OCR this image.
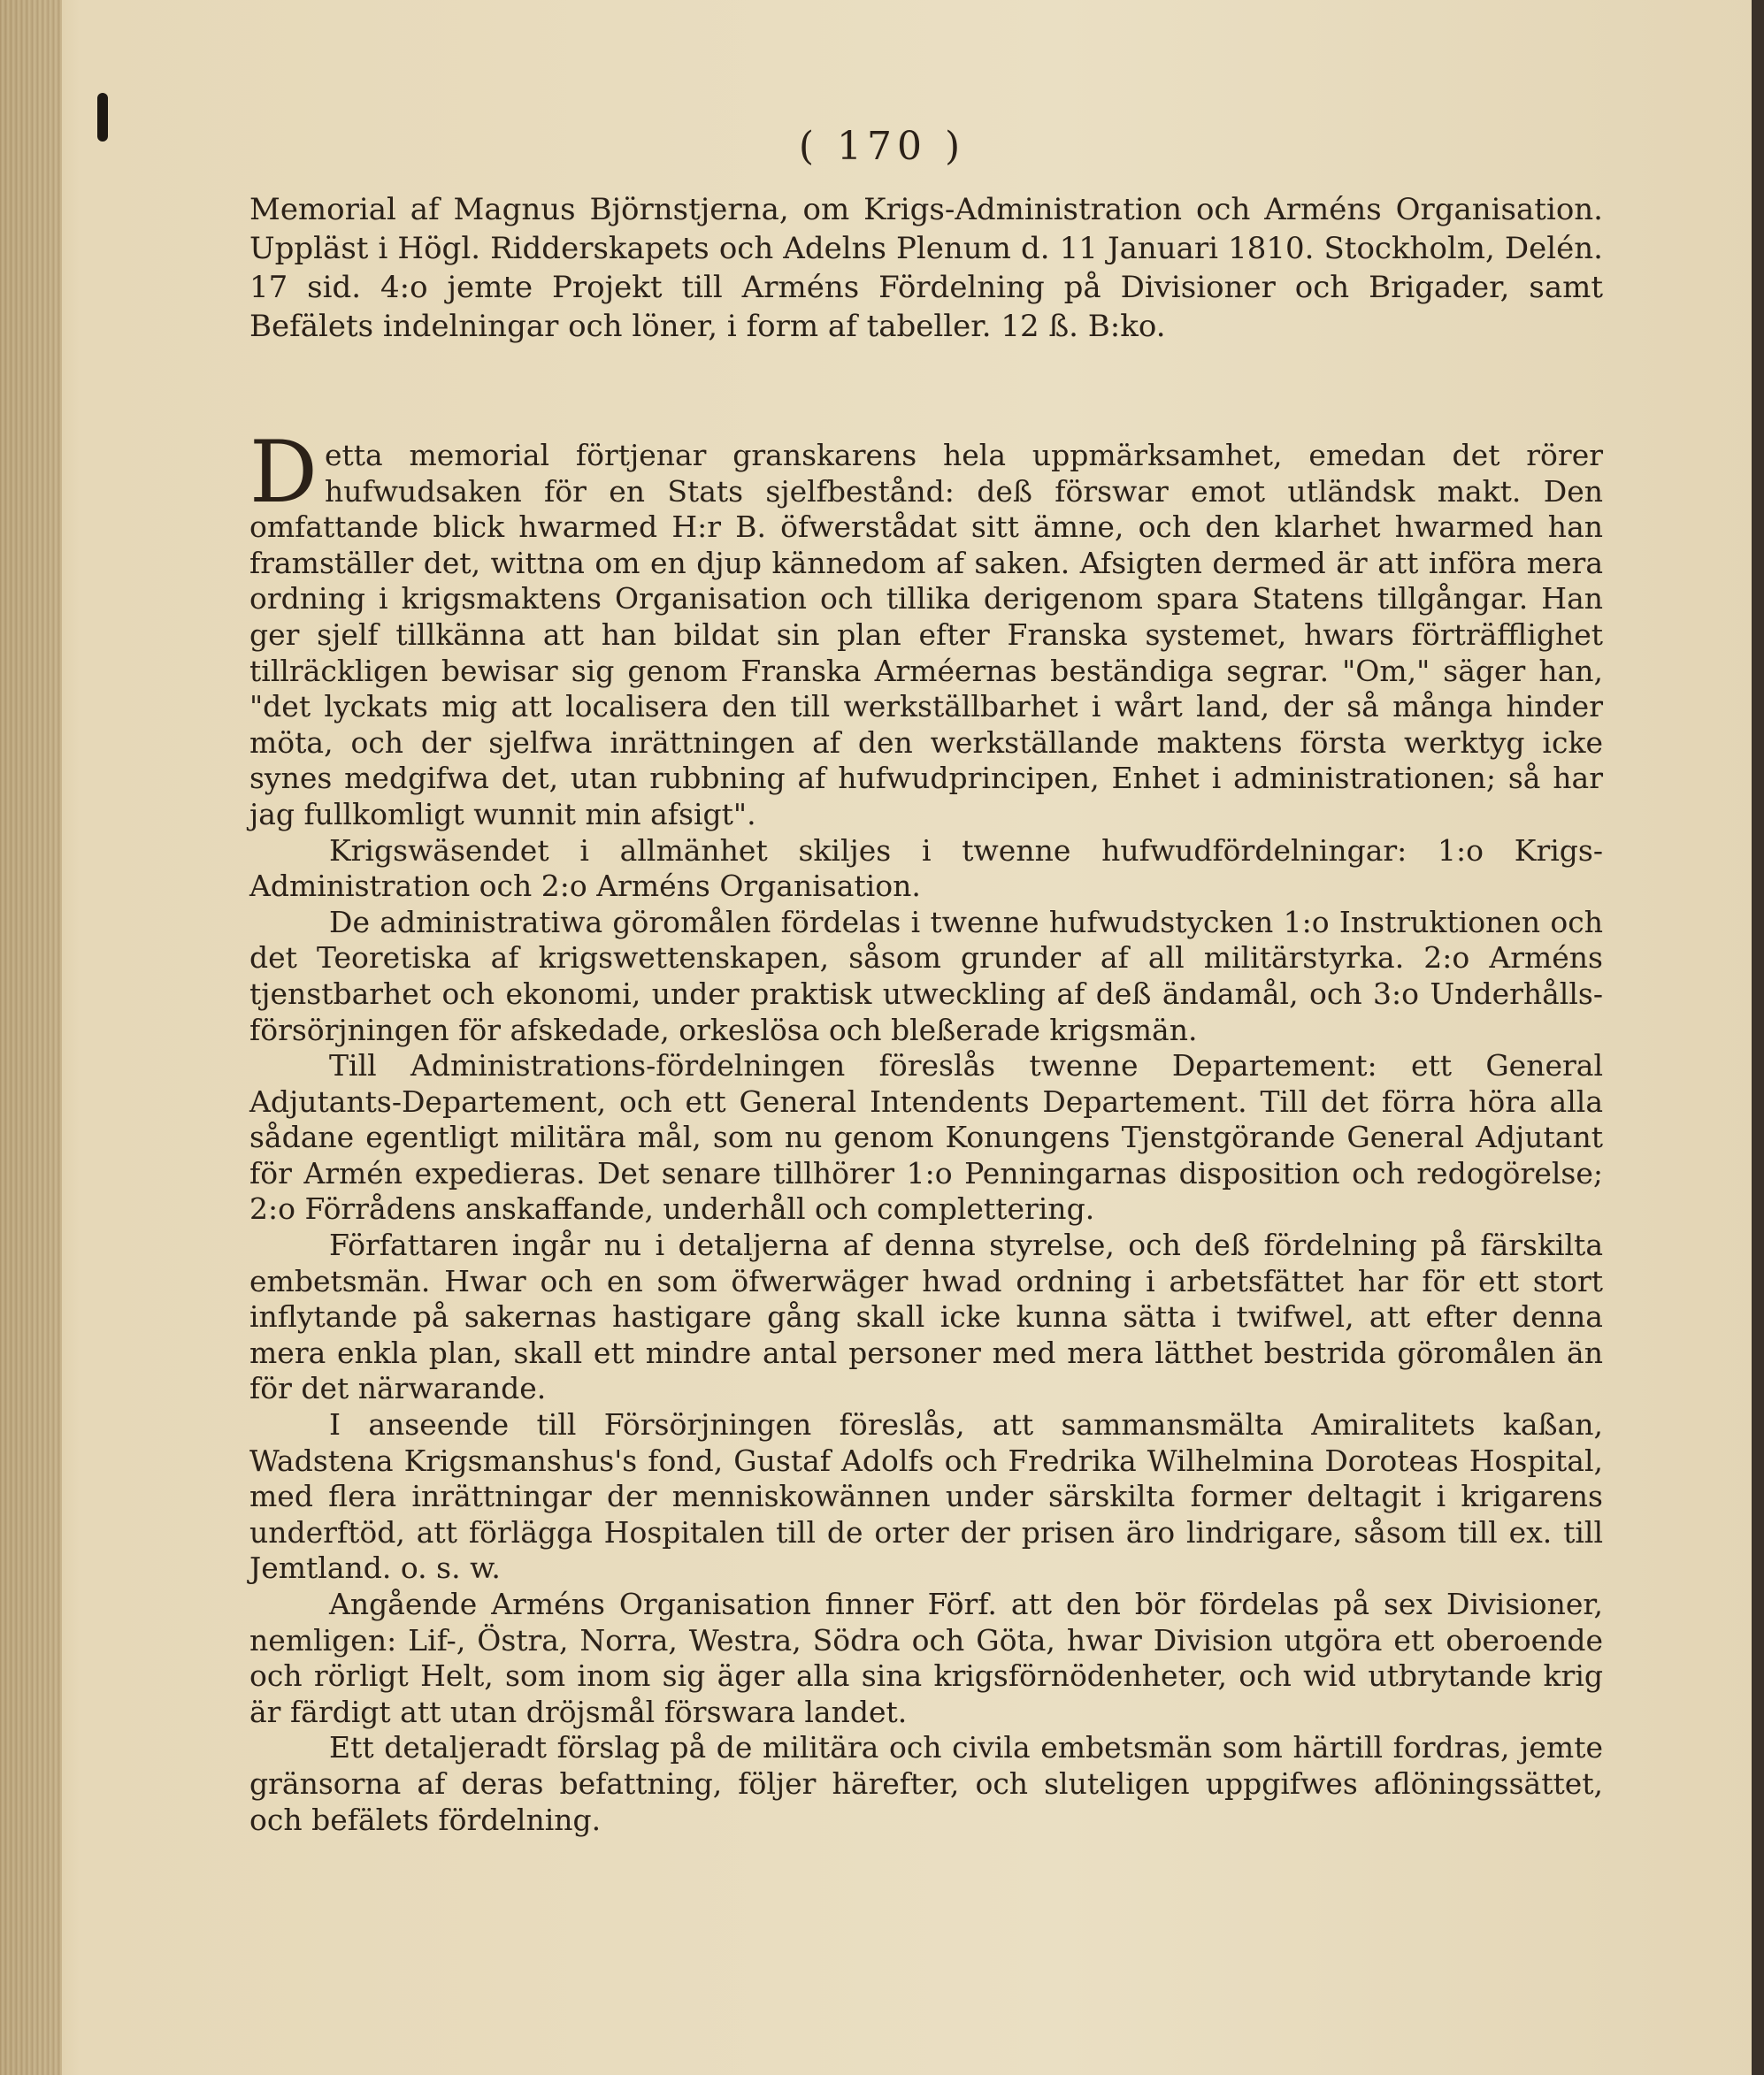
( 170 )
Memorial af Magnus Björnstjerna, om Krigs-Administration och Arméns Organisation. Uppläst i Högl. Ridderskapets och Adelns Plenum d. 11 Januari 1810. Stockholm, Delén. 17 sid. 4:o jemte Projekt till Arméns Fördelning på Divisioner och Brigader, samt Befälets indelningar och löner, i form af tabeller. 12 ß. B:ko.

Detta memorial förtjenar granskarens hela uppmärksamhet, emedan det rörer hufwudsaken för en Stats sjelfbestånd: deß förswar emot utländsk makt. Den omfattande blick hwarmed H:r B. öfwerstådat sitt ämne, och den klarhet hwarmed han framställer det, wittna om en djup kännedom af saken. Afsigten dermed är att införa mera ordning i krigsmaktens Organisation och tillika derigenom spara Statens tillgångar. Han ger sjelf tillkänna att han bildat sin plan efter Franska systemet, hwars förträfflighet tillräckligen bewisar sig genom Franska Arméernas beständiga segrar. "Om," säger han, "det lyckats mig att localisera den till werkställbarhet i wårt land, der så många hinder möta, och der sjelfwa inrättningen af den werkställande maktens första werktyg icke synes medgifwa det, utan rubbning af hufwudprincipen, Enhet i administrationen; så har jag fullkomligt wunnit min afsigt".

Krigswäsendet i allmänhet skiljes i twenne hufwudfördelningar: 1:o Krigs-Administration och 2:o Arméns Organisation.

De administratiwa göromålen fördelas i twenne hufwudstycken 1:o Instruktionen och det Teoretiska af krigswettenskapen, såsom grunder af all militärstyrka. 2:o Arméns tjenstbarhet och ekonomi, under praktisk utweckling af deß ändamål, och 3:o Underhålls-försörjningen för afskedade, orkeslösa och bleßerade krigsmän.

Till Administrations-fördelningen föreslås twenne Departement: ett General Adjutants-Departement, och ett General Intendents Departement. Till det förra höra alla sådane egentligt militära mål, som nu genom Konungens Tjenstgörande General Adjutant för Armén expedieras. Det senare tillhörer 1:o Penningarnas disposition och redogörelse; 2:o Förrådens anskaffande, underhåll och complettering.

Författaren ingår nu i detaljerna af denna styrelse, och deß fördelning på färskilta embetsmän. Hwar och en som öfwerwäger hwad ordning i arbetsfättet har för ett stort inflytande på sakernas hastigare gång skall icke kunna sätta i twifwel, att efter denna mera enkla plan, skall ett mindre antal personer med mera lätthet bestrida göromålen än för det närwarande.

I anseende till Försörjningen föreslås, att sammansmälta Amiralitets kaßan, Wadstena Krigsmanshus's fond, Gustaf Adolfs och Fredrika Wilhelmina Doroteas Hospital, med flera inrättningar der menniskowännen under särskilta former deltagit i krigarens underftöd, att förlägga Hospitalen till de orter der prisen äro lindrigare, såsom till ex. till Jemtland. o. s. w.

Angående Arméns Organisation finner Förf. att den bör fördelas på sex Divisioner, nemligen: Lif-, Östra, Norra, Westra, Södra och Göta, hwar Division utgöra ett oberoende och rörligt Helt, som inom sig äger alla sina krigsförnödenheter, och wid utbrytande krig är färdigt att utan dröjsmål förswara landet.

Ett detaljeradt förslag på de militära och civila embetsmän som härtill fordras, jemte gränsorna af deras befattning, följer härefter, och sluteligen uppgifwes aflöningssättet, och befälets fördelning.
